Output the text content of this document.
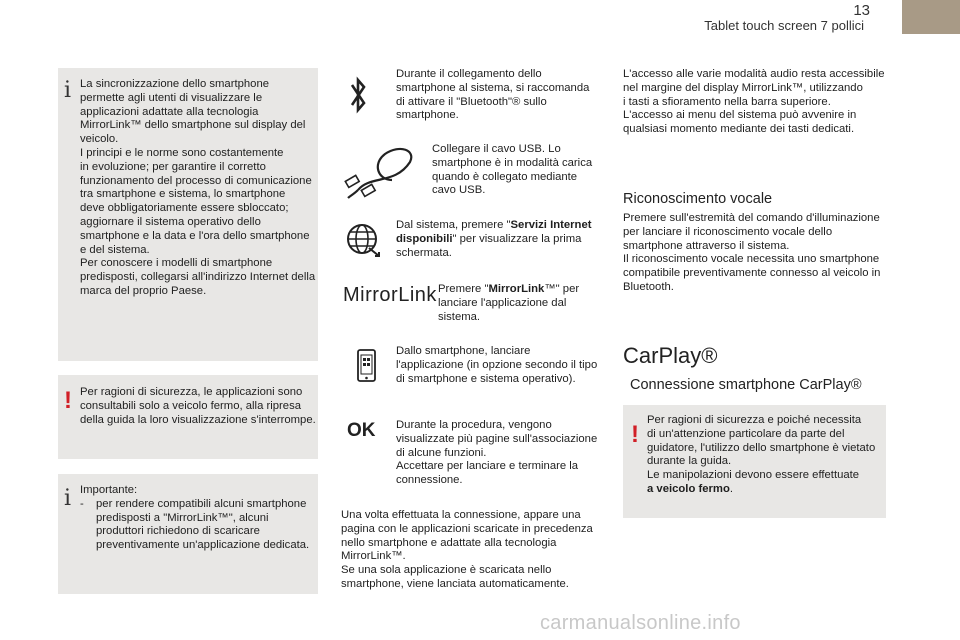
13
Tablet touch screen 7 pollici
i La sincronizzazione dello smartphone

permette agli utenti di visualizzare le

applicazioni adattate alla tecnologia

MirrorLink™ dello smartphone sul display del

veicolo.

I principi e le norme sono costantemente

in evoluzione; per garantire il corretto

funzionamento del processo di comunicazione

tra smartphone e sistema, lo smartphone

deve obbligatoriamente essere sbloccato;

aggiornare il sistema operativo dello

smartphone e la data e l'ora dello smartphone

e del sistema.

Per conoscere i modelli di smartphone

predisposti, collegarsi all'indirizzo Internet della

marca del proprio Paese.

! Per ragioni di sicurezza, le applicazioni sono

consultabili solo a veicolo fermo, alla ripresa

della guida la loro visualizzazione s'interrompe.

i Importante:

-	per rendere compatibili alcuni smartphone

predisposti a "MirrorLink™", alcuni

produttori richiedono di scaricare

preventivamente un'applicazione dedicata.

Durante il collegamento dello

smartphone al sistema, si raccomanda

di attivare il "Bluetooth"® sullo

smartphone.

Collegare il cavo USB. Lo

smartphone è in modalità carica

quando è collegato mediante

cavo USB.

Dal sistema, premere "Servizi Internet

disponibili" per visualizzare la prima

schermata.

MirrorLink Premere "MirrorLink™" per

lanciare l'applicazione dal

sistema.

Dallo smartphone, lanciare

l'applicazione (in opzione secondo il tipo

di smartphone e sistema operativo).

OK Durante la procedura, vengono

visualizzate più pagine sull'associazione

di alcune funzioni.

Accettare per lanciare e terminare la

connessione.

Una volta effettuata la connessione, appare una

pagina con le applicazioni scaricate in precedenza

nello smartphone e adattate alla tecnologia

MirrorLink™.

Se una sola applicazione è scaricata nello

smartphone, viene lanciata automaticamente.

L'accesso alle varie modalità audio resta accessibile

nel margine del display MirrorLink™, utilizzando

i tasti a sfioramento nella barra superiore.

L'accesso ai menu del sistema può avvenire in

qualsiasi momento mediante dei tasti dedicati.

Riconoscimento vocale

Premere sull'estremità del comando d'illuminazione

per lanciare il riconoscimento vocale dello

smartphone attraverso il sistema.

Il riconoscimento vocale necessita uno smartphone

compatibile preventivamente connesso al veicolo in

Bluetooth.

CarPlay®
Connessione smartphone CarPlay®
!

Per ragioni di sicurezza e poiché necessita

di un'attenzione particolare da parte del

guidatore, l'utilizzo dello smartphone è vietato

durante la guida.

Le manipolazioni devono essere effettuate

a veicolo fermo.

carmanualsonline.info
